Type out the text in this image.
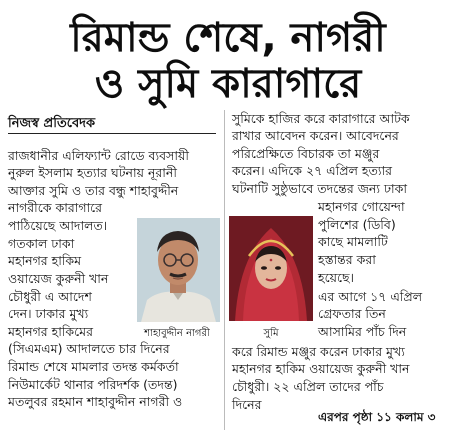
রিমান্ড শেষে, নাগরী
ও সুমি কারাগারে
নিজস্ব প্রতিবেদক
রাজধানীর এলিফ্যান্ট রোডে ব্যবসায়ী
নুরুল ইসলাম হত্যার ঘটনায় নূরানী
আক্তার সুমি ও তার বন্ধু শাহাবুদ্দীন
নাগরীকে কারাগারে
পাঠিয়েছে আদালত।
গতকাল ঢাকা
মহানগর হাকিম
ওয়ায়েজ কুরুনী খান
চৌধুরী এ আদেশ
দেন। ঢাকার মুখ্য
মহানগর হাকিমের
(সিএমএম) আদালতে চার দিনের
রিমান্ড শেষে মামলার তদন্ত কর্মকর্তা
নিউমার্কেট থানার পরিদর্শক (তদন্ত)
মতলুবর রহমান শাহাবুদ্দীন নাগরী ও
সুমিকে হাজির করে কারাগারে আটক
রাখার আবেদন করেন। আবেদনের
পরিপ্রেক্ষিতে বিচারক তা মঞ্জুর
করেন। এদিকে ২৭ এপ্রিল হত্যার
ঘটনাটি সুষ্ঠুভাবে তদন্তের জন্য ঢাকা
মহানগর গোয়েন্দা
পুলিশের (ডিবি)
কাছে মামলাটি
হস্তান্তর করা
হয়েছে।
এর আগে ১৭ এপ্রিল
গ্রেফতার তিন
আসামির পাঁচ দিন
করে রিমান্ড মঞ্জুর করেন ঢাকার মুখ্য
মহানগর হাকিম ওয়ায়েজ কুরুনী খান
চৌধুরী। ২২ এপ্রিল তাদের পাঁচ
দিনের
এরপর পৃষ্ঠা ১১ কলাম ৩
শাহাবুদ্দীন নাগরী	সুমি
